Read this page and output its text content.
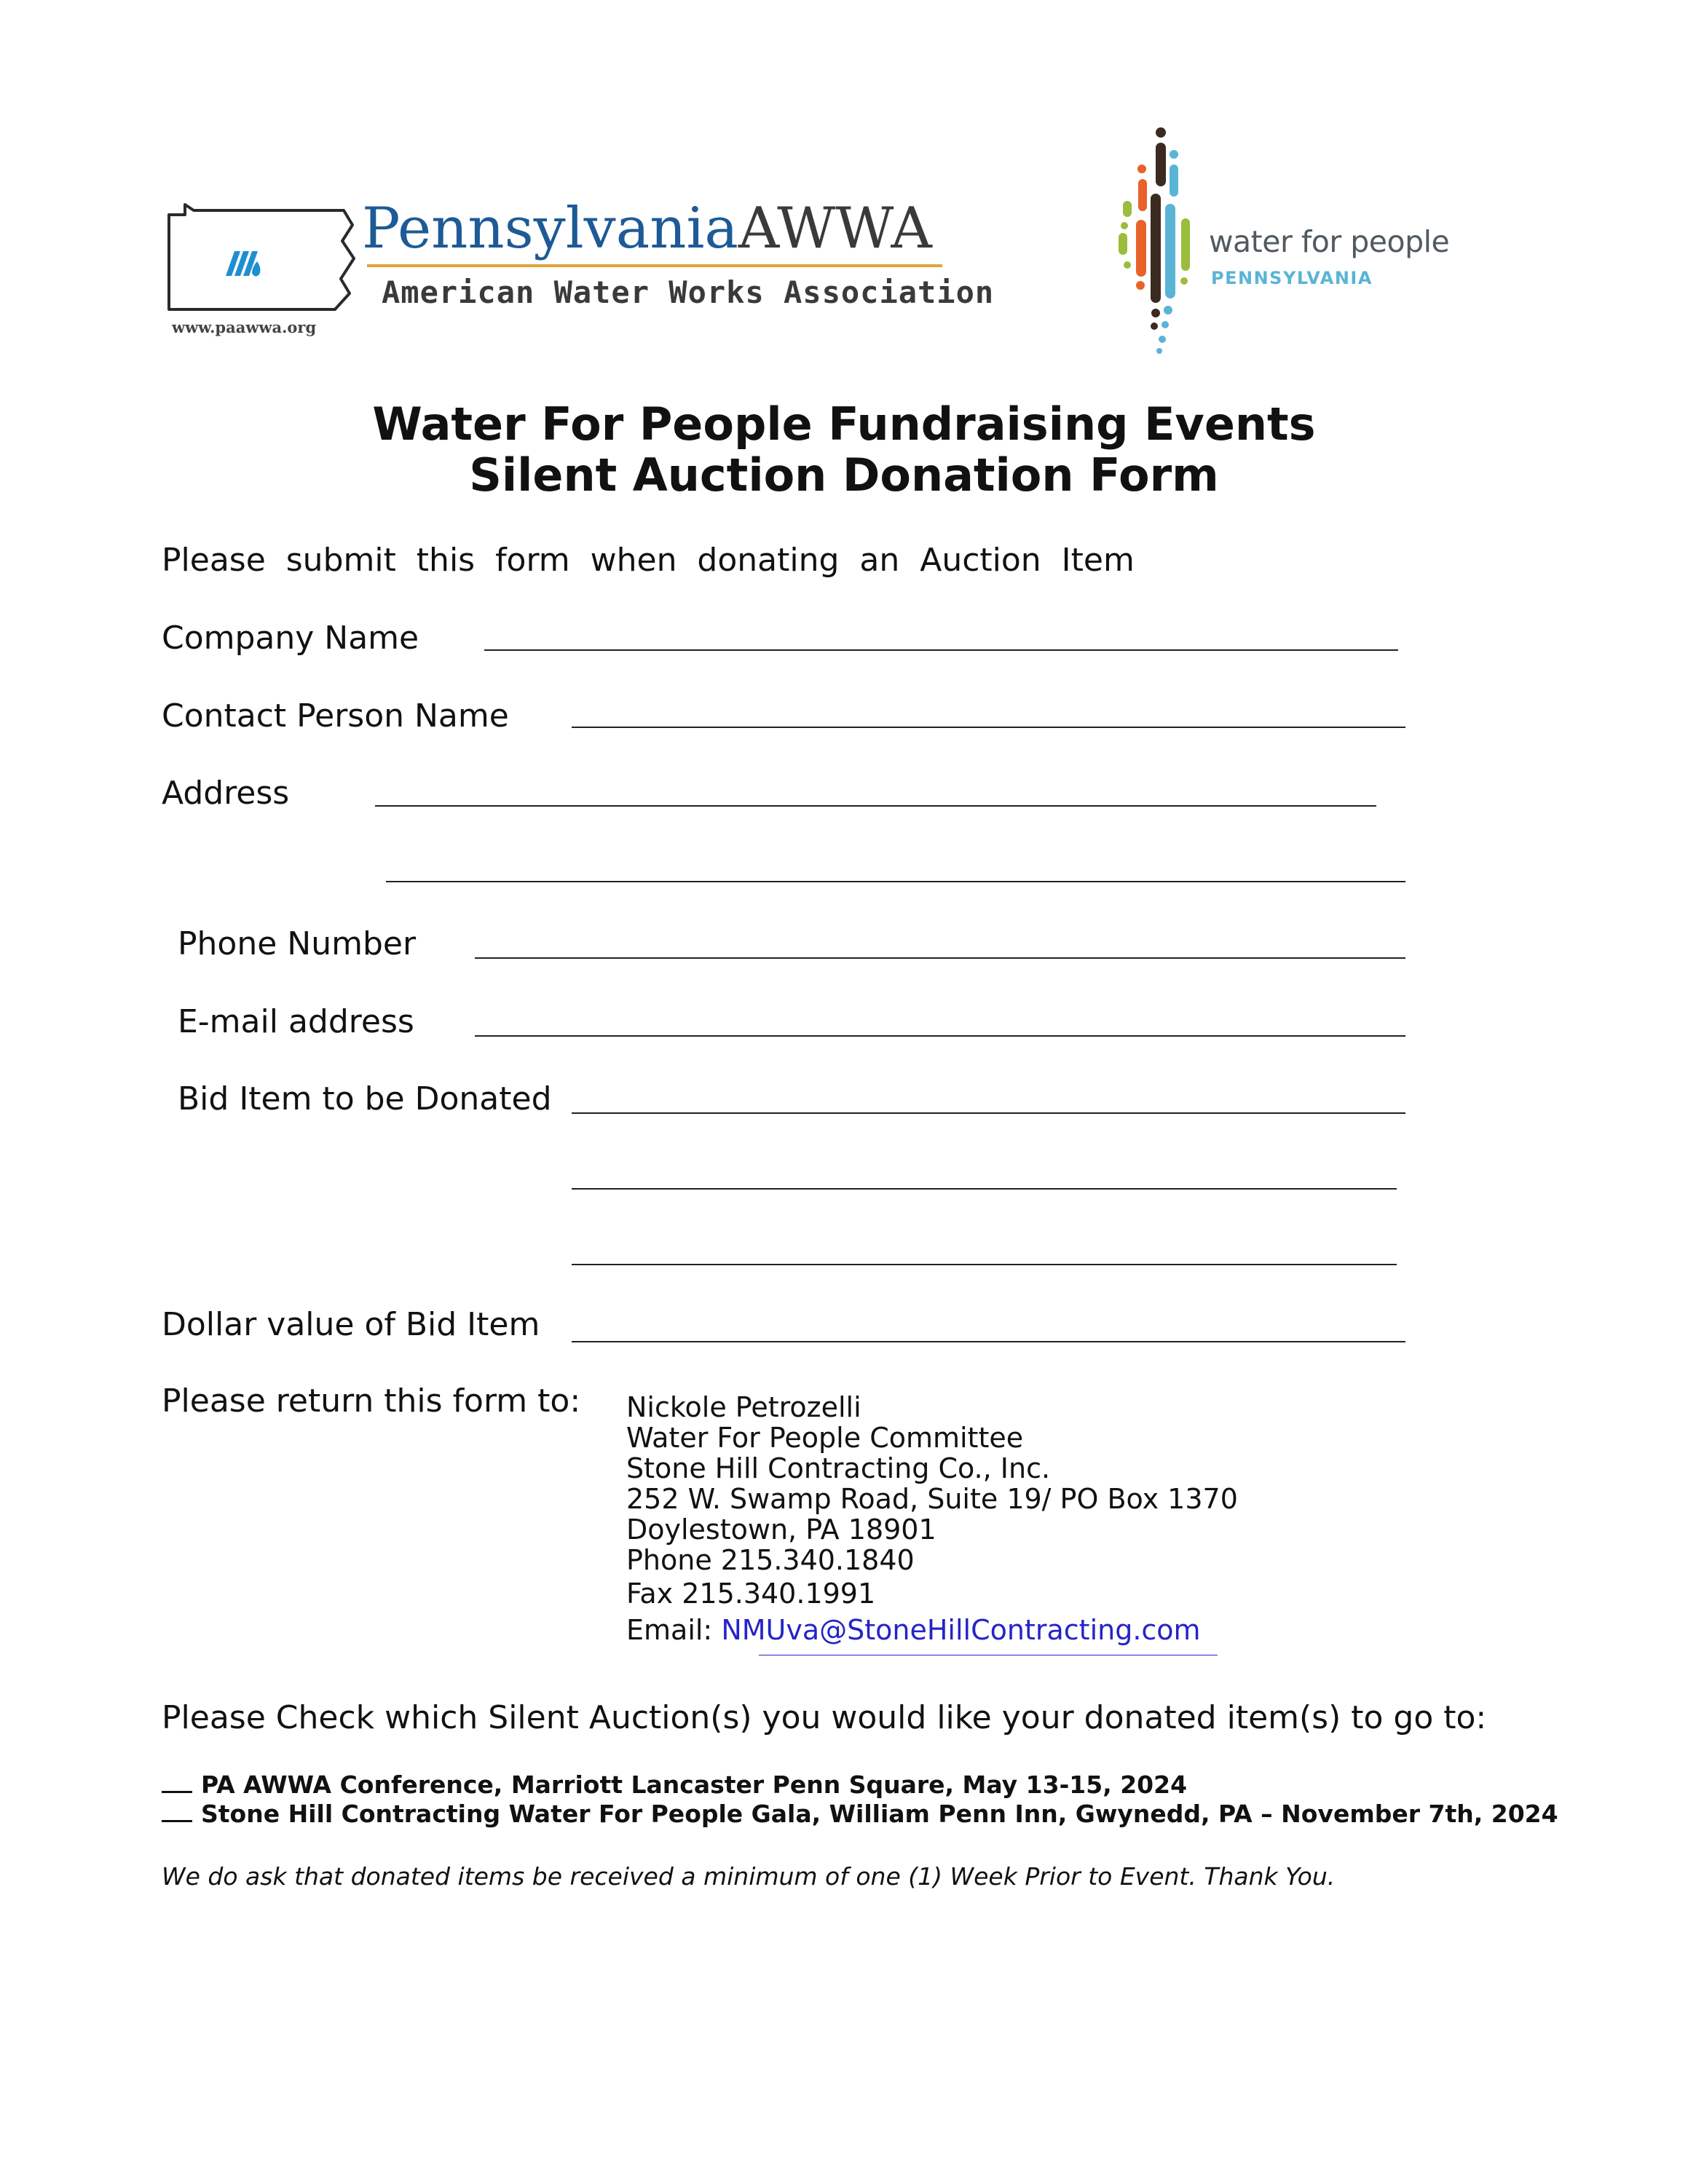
PennsylvaniaAWWA
American Water Works Association
www.paawwa.org
water for people
PENNSYLVANIA
Water For People Fundraising Events
Silent Auction Donation Form
Please  submit  this  form  when  donating  an  Auction  Item
Company Name
Contact Person Name
Address
Phone Number
E-mail address
Bid Item to be Donated
Dollar value of Bid Item
Please return this form to: Nickole Petrozelli
Water For People Committee
Stone Hill Contracting Co., Inc.
252 W. Swamp Road, Suite 19/ PO Box 1370
Doylestown, PA 18901
Phone 215.340.1840
Fax 215.340.1991
Email: NMUva@StoneHillContracting.com
Please Check which Silent Auction(s) you would like your donated item(s) to go to:
PA AWWA Conference, Marriott Lancaster Penn Square, May 13-15, 2024
Stone Hill Contracting Water For People Gala, William Penn Inn, Gwynedd, PA – November 7th, 2024
We do ask that donated items be received a minimum of one (1) Week Prior to Event. Thank You.
